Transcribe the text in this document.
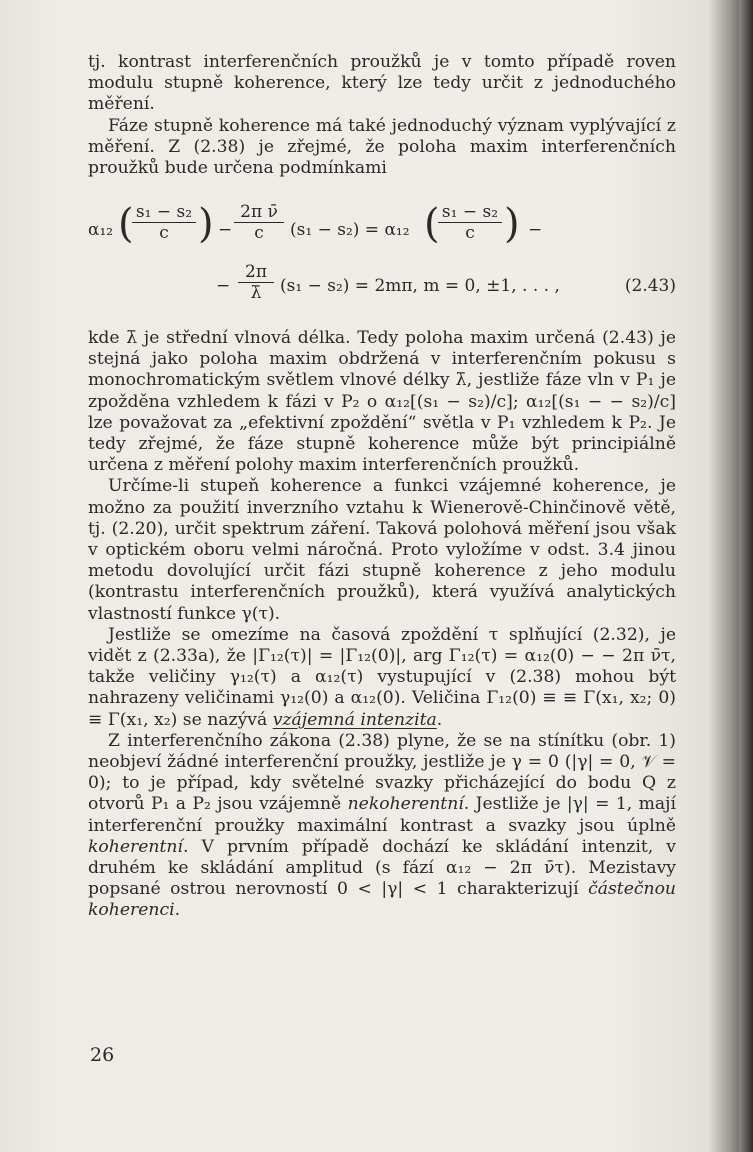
tj. kontrast interferenčních proužků je v tomto případě roven modulu stupně koherence, který lze tedy určit z jednoduchého měření.

Fáze stupně koherence má také jednoduchý význam vyplývající z měření. Z (2.38) je zřejmé, že poloha maxim interferenčních proužků bude určena podmínkami

α₁₂ (
$\frac{\text{s₁ − s₂}}{c}$ ) − $\frac{\text{2π ν̄}}{c} (s_1 - s_2) = \alpha_{12}$ (
$\frac{\text{s₁ − s₂}}{c}$ ) −
− $\frac{2\pi}{\lambdā} (s_1 - s_2) = 2m\pi$, m = 0, ±1, . . . ,	(2.43)

kde λ̄ je střední vlnová délka. Tedy poloha maxim určená (2.43) je stejná jako poloha maxim obdržená v interferenčním pokusu s monochromatickým světlem vlnové délky λ̄, jestliže fáze vln v P₁ je zpožděna vzhledem k fázi v P₂ o α₁₂[(s₁ − s₂)/c]; α₁₂[(s₁ − − s₂)/c] lze považovat za „efektivní zpoždění“ světla v P₁ vzhledem k P₂. Je tedy zřejmé, že fáze stupně koherence může být principiálně určena z měření polohy maxim interferenčních proužků.

Určíme-li stupeň koherence a funkci vzájemné koherence, je možno za použití inverzního vztahu k Wienerově-Chinčinově větě, tj. (2.20), určit spektrum záření. Taková polohová měření jsou však v optickém oboru velmi náročná. Proto vyložíme v odst. 3.4 jinou metodu dovolující určit fázi stupně koherence z jeho modulu (kontrastu interferenčních proužků), která využívá analytických vlastností funkce γ(τ).

Jestliže se omezíme na časová zpoždění τ splňující (2.32), je vidět z (2.33a), že |Γ₁₂(τ)| = |Γ₁₂(0)|, arg Γ₁₂(τ) = α₁₂(0) − − 2π ν̄τ, takže veličiny γ₁₂(τ) a α₁₂(τ) vystupující v (2.38) mohou být nahrazeny veličinami γ₁₂(0) a α₁₂(0). Veličina Γ₁₂(0) ≡ ≡ Γ(x₁, x₂; 0) ≡ Γ(x₁, x₂) se nazývá vzájemná intenzita.

Z interferenčního zákona (2.38) plyne, že se na stínítku (obr. 1) neobjeví žádné interferenční proužky, jestliže je γ = 0 (|γ| = 0, 𝒱 = 0); to je případ, kdy světelné svazky přicházející do bodu Q z otvorů P₁ a P₂ jsou vzájemně nekoherentní. Jestliže je |γ| = 1, mají interferenční proužky maximální kontrast a svazky jsou úplně koherentní. V prvním případě dochází ke skládání intenzit, v druhém ke skládání amplitud (s fází α₁₂ − 2π ν̄τ). Mezistavy popsané ostrou nerovností 0 < |γ| < 1 charakterizují částečnou koherenci.

26
